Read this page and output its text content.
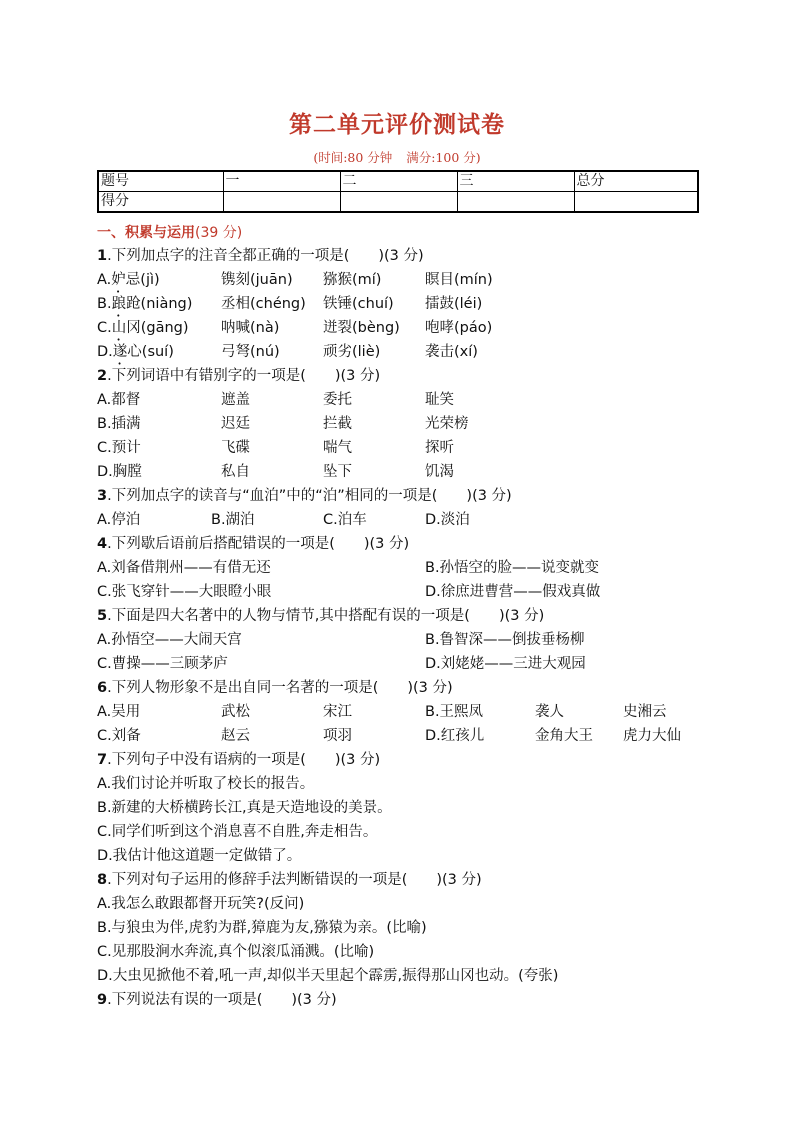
第二单元评价测试卷
(时间:80 分钟 满分:100 分)
题号	一	二	三	总分
得分				
一、积累与运用(39 分)
1.下列加点字的注音全都正确的一项是(　　)(3 分)
A.妒忌(jì)	镌刻(juān) 猕猴(mí)	瞑目(mín)
B.踉跄(niàng) 丞相(chéng) 铁锤(chuí) 擂鼓(léi)
C.山冈(gāng) 呐喊(nà)	迸裂(bèng) 咆哮(páo)
D.遂心(suí)	弓弩(nú)	顽劣(liè)	袭击(xí)
2.下列词语中有错别字的一项是(　　)(3 分)
A.都督	遮盖	委托	耻笑
B.插满	迟廷	拦截	光荣榜
C.预计	飞碟	喘气	探听
D.胸膛	私自	坠下	饥渴
3.下列加点字的读音与“血泊”中的“泊”相同的一项是(　　)(3 分)
A.停泊	B.湖泊	C.泊车	D.淡泊
4.下列歇后语前后搭配错误的一项是(　　)(3 分)
A.刘备借荆州——有借无还	B.孙悟空的脸——说变就变
C.张飞穿针——大眼瞪小眼	D.徐庶进曹营——假戏真做
5.下面是四大名著中的人物与情节,其中搭配有误的一项是(　　)(3 分)
A.孙悟空——大闹天宫	B.鲁智深——倒拔垂杨柳
C.曹操——三顾茅庐	D.刘姥姥——三进大观园
6.下列人物形象不是出自同一名著的一项是(　　)(3 分)
A.吴用	武松	宋江	B.王熙凤	袭人	史湘云
C.刘备	赵云	项羽	D.红孩儿	金角大王 虎力大仙
7.下列句子中没有语病的一项是(　　)(3 分)
A.我们讨论并听取了校长的报告。
B.新建的大桥横跨长江,真是天造地设的美景。
C.同学们听到这个消息喜不自胜,奔走相告。
D.我估计他这道题一定做错了。
8.下列对句子运用的修辞手法判断错误的一项是(　　)(3 分)
A.我怎么敢跟都督开玩笑?(反问)
B.与狼虫为伴,虎豹为群,獐鹿为友,猕猿为亲。(比喻)
C.见那股涧水奔流,真个似滚瓜涌溅。(比喻)
D.大虫见掀他不着,吼一声,却似半天里起个霹雳,振得那山冈也动。(夸张)
9.下列说法有误的一项是(　　)(3 分)
